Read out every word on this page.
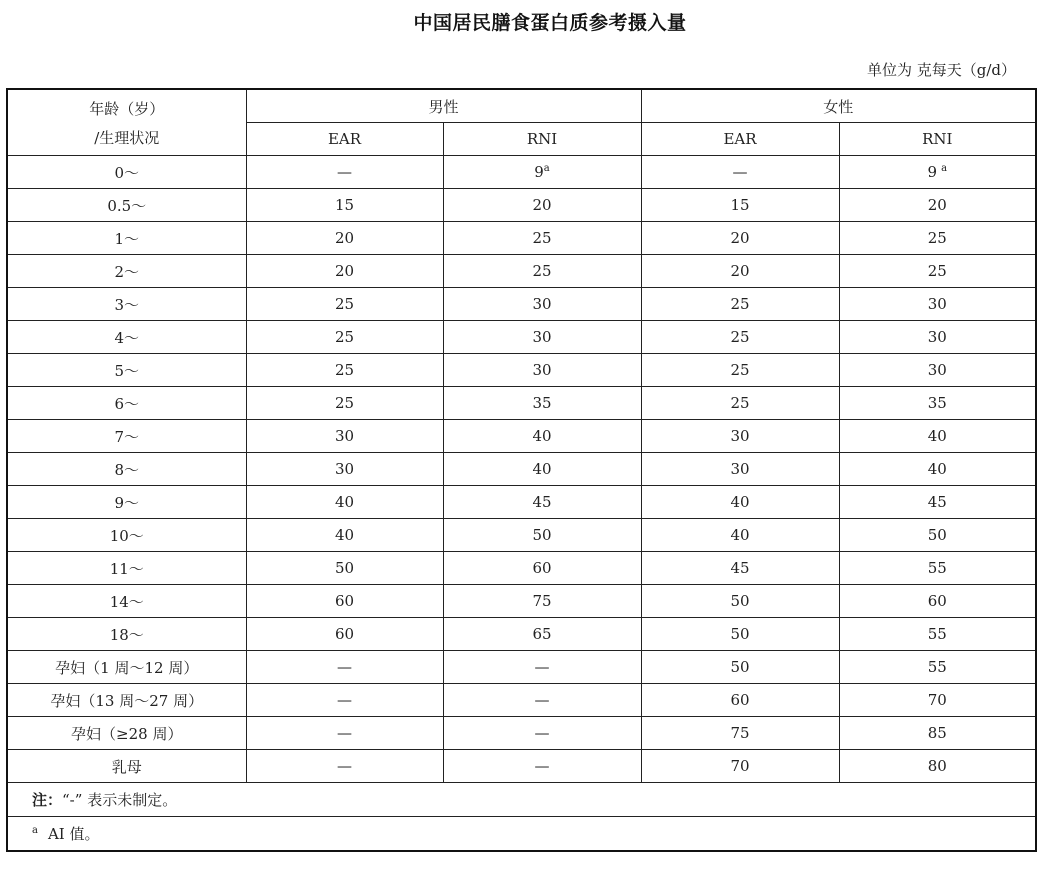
中国居民膳食蛋白质参考摄入量
单位为 克每天（g/d）
年龄（岁）
/生理状况	男性		女性	
	EAR	RNI	EAR	RNI
0～	—	9$^a$	—	9 $^a$
0.5～	15	20	15	20
1～	20	25	20	25
2～	20	25	20	25
3～	25	30	25	30
4～	25	30	25	30
5～	25	30	25	30
6～	25	35	25	35
7～	30	40	30	40
8～	30	40	30	40
9～	40	45	40	45
10～	40	50	40	50
11～	50	60	45	55
14～	60	75	50	60
18～	60	65	50	55
孕妇（1 周～12 周）	—	—	50	55
孕妇（13 周～27 周）	—	—	60	70
孕妇（≥28 周）	—	—	75	85
乳母	—	—	70	80
注：“-” 表示未制定。				
$^a$ AI 值。				
